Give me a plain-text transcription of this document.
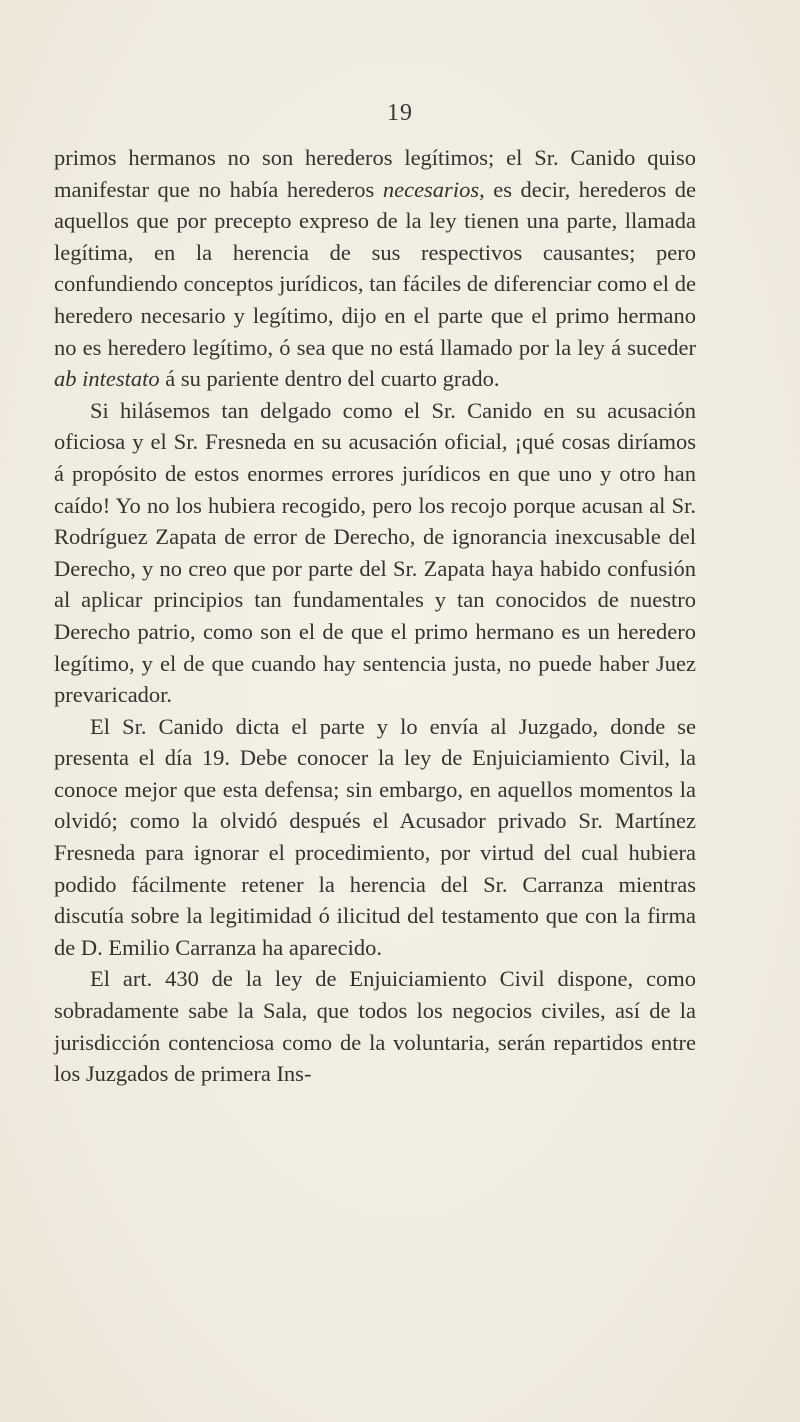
19

primos hermanos no son herederos legítimos; el Sr. Canido quiso manifestar que no había herederos necesarios, es decir, herederos de aquellos que por precepto expreso de la ley tienen una parte, llamada legítima, en la herencia de sus respectivos causantes; pero confundiendo conceptos jurídicos, tan fáciles de diferenciar como el de heredero necesario y legítimo, dijo en el parte que el primo hermano no es heredero legítimo, ó sea que no está llamado por la ley á suceder ab intestato á su pariente dentro del cuarto grado.

Si hilásemos tan delgado como el Sr. Canido en su acusación oficiosa y el Sr. Fresneda en su acusación oficial, ¡qué cosas diríamos á propósito de estos enormes errores jurídicos en que uno y otro han caído! Yo no los hubiera recogido, pero los recojo porque acusan al Sr. Rodríguez Zapata de error de Derecho, de ignorancia inexcusable del Derecho, y no creo que por parte del Sr. Zapata haya habido confusión al aplicar principios tan fundamentales y tan conocidos de nuestro Derecho patrio, como son el de que el primo hermano es un heredero legítimo, y el de que cuando hay sentencia justa, no puede haber Juez prevaricador.

El Sr. Canido dicta el parte y lo envía al Juzgado, donde se presenta el día 19. Debe conocer la ley de Enjuiciamiento Civil, la conoce mejor que esta defensa; sin embargo, en aquellos momentos la olvidó; como la olvidó después el Acusador privado Sr. Martínez Fresneda para ignorar el procedimiento, por virtud del cual hubiera podido fácilmente retener la herencia del Sr. Carranza mientras discutía sobre la legitimidad ó ilicitud del testamento que con la firma de D. Emilio Carranza ha aparecido.

El art. 430 de la ley de Enjuiciamiento Civil dispone, como sobradamente sabe la Sala, que todos los negocios civiles, así de la jurisdicción contenciosa como de la voluntaria, serán repartidos entre los Juzgados de primera Ins-
